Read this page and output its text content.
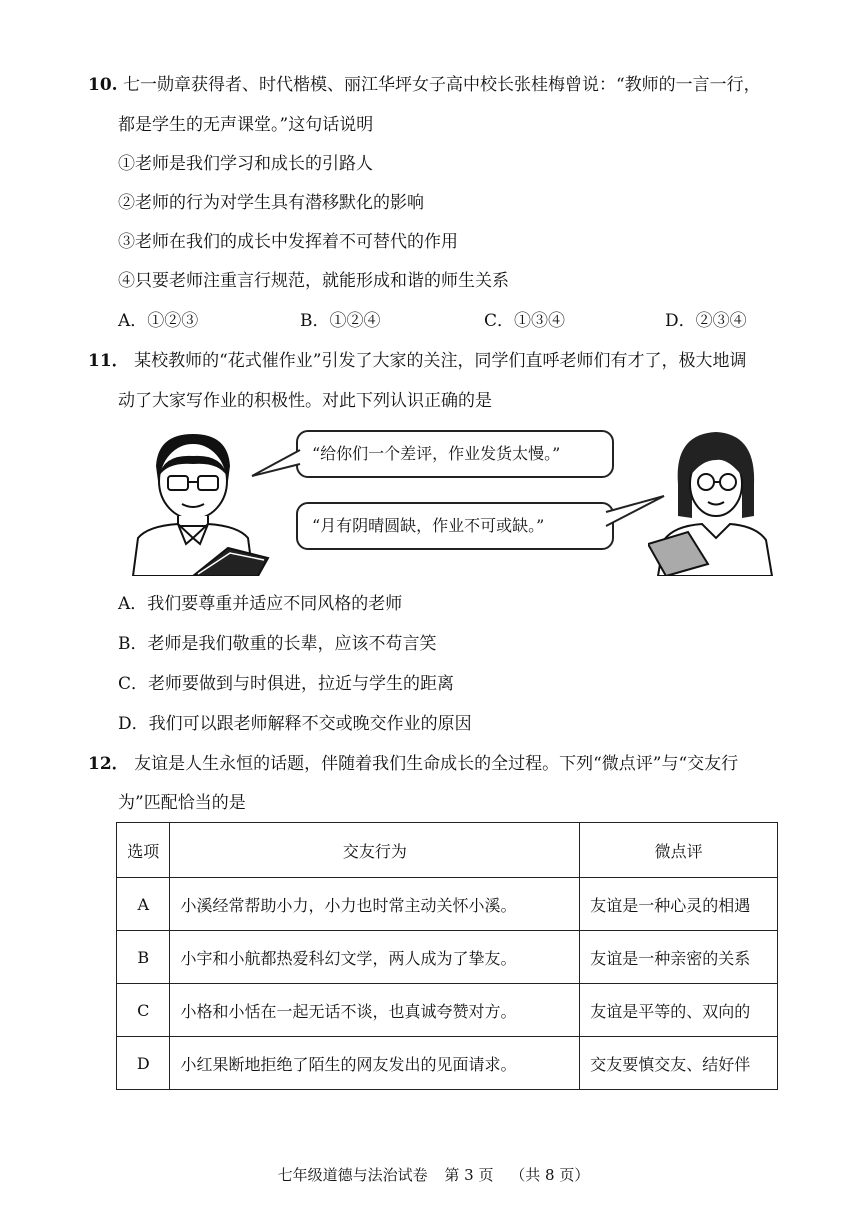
10. 七一勋章获得者、时代楷模、丽江华坪女子高中校长张桂梅曾说：“教师的一言一行，
都是学生的无声课堂。”这句话说明
①老师是我们学习和成长的引路人
②老师的行为对学生具有潜移默化的影响
③老师在我们的成长中发挥着不可替代的作用
④只要老师注重言行规范，就能形成和谐的师生关系
A．①②③	B．①②④	C．①③④	D．②③④
11． 某校教师的“花式催作业”引发了大家的关注，同学们直呼老师们有才了，极大地调
动了大家写作业的积极性。对此下列认识正确的是
“给你们一个差评，作业发货太慢。”
“月有阴晴圆缺，作业不可或缺。”
A．我们要尊重并适应不同风格的老师
B．老师是我们敬重的长辈，应该不苟言笑
C．老师要做到与时俱进，拉近与学生的距离
D．我们可以跟老师解释不交或晚交作业的原因
12． 友谊是人生永恒的话题，伴随着我们生命成长的全过程。下列“微点评”与“交友行
为”匹配恰当的是
选项	交友行为	微点评
A	小溪经常帮助小力，小力也时常主动关怀小溪。	友谊是一种心灵的相遇
B	小宇和小航都热爱科幻文学，两人成为了挚友。	友谊是一种亲密的关系
C	小格和小恬在一起无话不谈，也真诚夸赞对方。	友谊是平等的、双向的
D	小红果断地拒绝了陌生的网友发出的见面请求。	交友要慎交友、结好伴
七年级道德与法治试卷 第 3 页 （共 8 页）
